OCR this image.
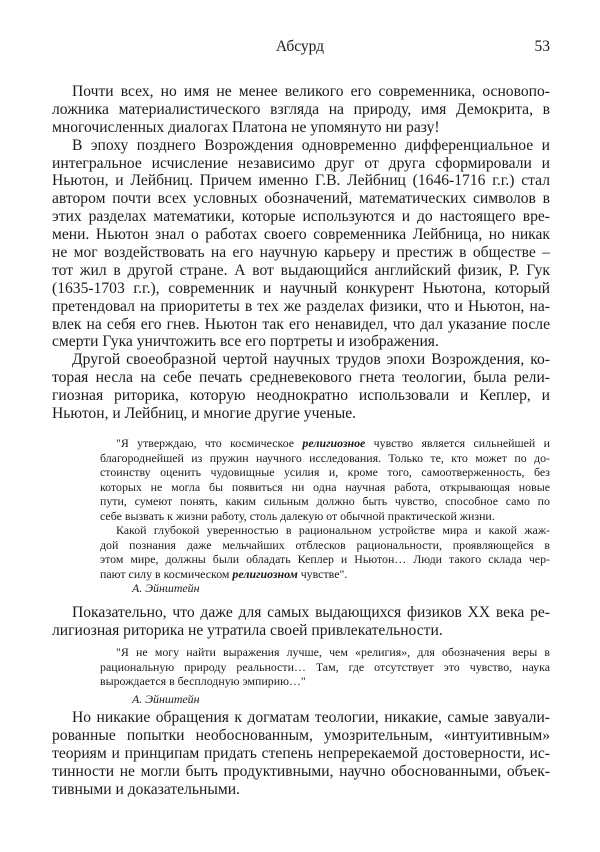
Абсурд	53
Почти всех, но имя не менее великого его современника, основопо-
ложника материалистического взгляда на природу, имя Демокрита, в
многочисленных диалогах Платона не упомянуто ни разу!
В эпоху позднего Возрождения одновременно дифференциальное и
интегральное исчисление независимо друг от друга сформировали и
Ньютон, и Лейбниц. Причем именно Г.В. Лейбниц (1646-1716 г.г.) стал
автором почти всех условных обозначений, математических символов в
этих разделах математики, которые используются и до настоящего вре-
мени. Ньютон знал о работах своего современника Лейбница, но никак
не мог воздействовать на его научную карьеру и престиж в обществе –
тот жил в другой стране. А вот выдающийся английский физик, Р. Гук
(1635-1703 г.г.), современник и научный конкурент Ньютона, который
претендовал на приоритеты в тех же разделах физики, что и Ньютон, на-
влек на себя его гнев. Ньютон так его ненавидел, что дал указание после
смерти Гука уничтожить все его портреты и изображения.
Другой своеобразной чертой научных трудов эпохи Возрождения, ко-
торая несла на себе печать средневекового гнета теологии, была рели-
гиозная риторика, которую неоднократно использовали и Кеплер, и
Ньютон, и Лейбниц, и многие другие ученые.
"Я утверждаю, что космическое религиозное чувство является сильнейшей и
благороднейшей из пружин научного исследования. Только те, кто может по до-
стоинству оценить чудовищные усилия и, кроме того, самоотверженность, без
которых не могла бы появиться ни одна научная работа, открывающая новые
пути, сумеют понять, каким сильным должно быть чувство, способное само по
себе вызвать к жизни работу, столь далекую от обычной практической жизни.
Какой глубокой уверенностью в рациональном устройстве мира и какой жаж-
дой познания даже мельчайших отблесков рациональности, проявляющейся в
этом мире, должны были обладать Кеплер и Ньютон… Люди такого склада чер-
пают силу в космическом религиозном чувстве".
А. Эйнштейн
Показательно, что даже для самых выдающихся физиков XX века ре-
лигиозная риторика не утратила своей привлекательности.
"Я не могу найти выражения лучше, чем «религия», для обозначения веры в
рациональную природу реальности… Там, где отсутствует это чувство, наука
вырождается в бесплодную эмпирию…"
А. Эйнштейн
Но никакие обращения к догматам теологии, никакие, самые завуали-
рованные попытки необоснованным, умозрительным, «интуитивным»
теориям и принципам придать степень непререкаемой достоверности, ис-
тинности не могли быть продуктивными, научно обоснованными, объек-
тивными и доказательными.
